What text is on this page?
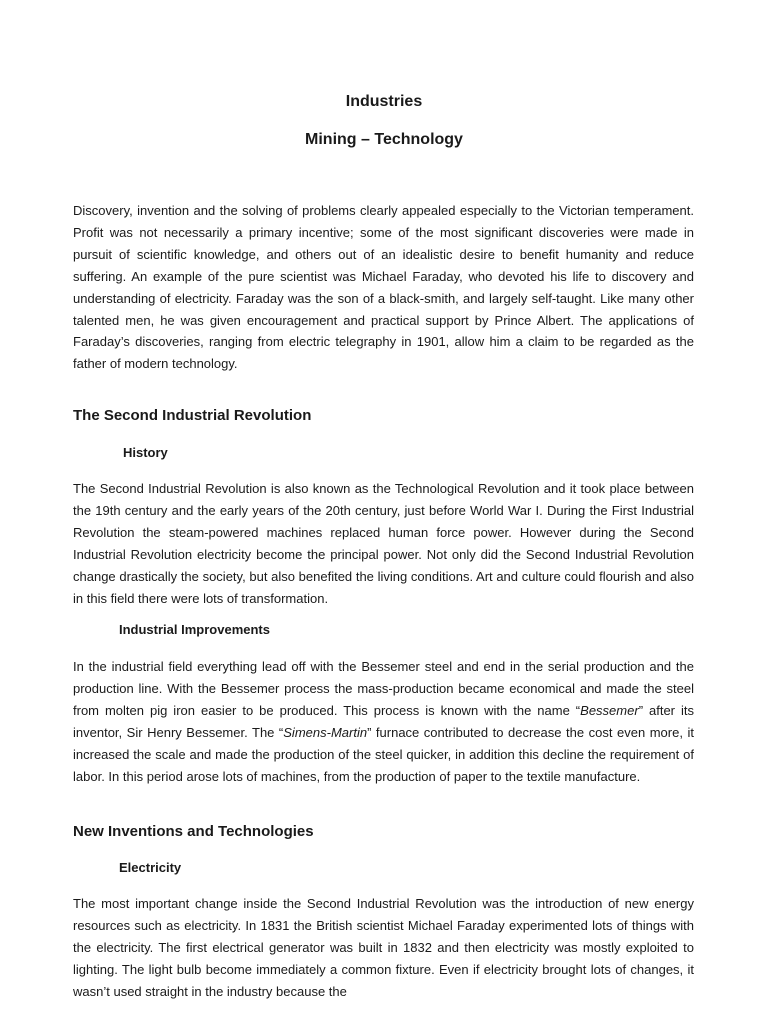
Industries
Mining – Technology

Discovery, invention and the solving of problems clearly appealed especially to the Victorian temperament. Profit was not necessarily a primary incentive; some of the most significant discoveries were made in pursuit of scientific knowledge, and others out of an idealistic desire to benefit humanity and reduce suffering. An example of the pure scientist was Michael Faraday, who devoted his life to discovery and understanding of electricity. Faraday was the son of a black-smith, and largely self-taught. Like many other talented men, he was given encouragement and practical support by Prince Albert. The applications of Faraday’s discoveries, ranging from electric telegraphy in 1901, allow him a claim to be regarded as the father of modern technology.

The Second Industrial Revolution
History

The Second Industrial Revolution is also known as the Technological Revolution and it took place between the 19th century and the early years of the 20th century, just before World War I. During the First Industrial Revolution the steam-powered machines replaced human force power. However during the Second Industrial Revolution electricity become the principal power. Not only did the Second Industrial Revolution change drastically the society, but also benefited the living conditions. Art and culture could flourish and also in this field there were lots of transformation.

Industrial Improvements

In the industrial field everything lead off with the Bessemer steel and end in the serial production and the production line. With the Bessemer process the mass-production became economical and made the steel from molten pig iron easier to be produced. This process is known with the name “Bessemer” after its inventor, Sir Henry Bessemer. The “Simens-Martin” furnace contributed to decrease the cost even more, it increased the scale and made the production of the steel quicker, in addition this decline the requirement of labor. In this period arose lots of machines, from the production of paper to the textile manufacture.

New Inventions and Technologies
Electricity

The most important change inside the Second Industrial Revolution was the introduction of new energy resources such as electricity. In 1831 the British scientist Michael Faraday experimented lots of things with the electricity. The first electrical generator was built in 1832 and then electricity was mostly exploited to lighting. The light bulb become immediately a common fixture. Even if electricity brought lots of changes, it wasn’t used straight in the industry because the
